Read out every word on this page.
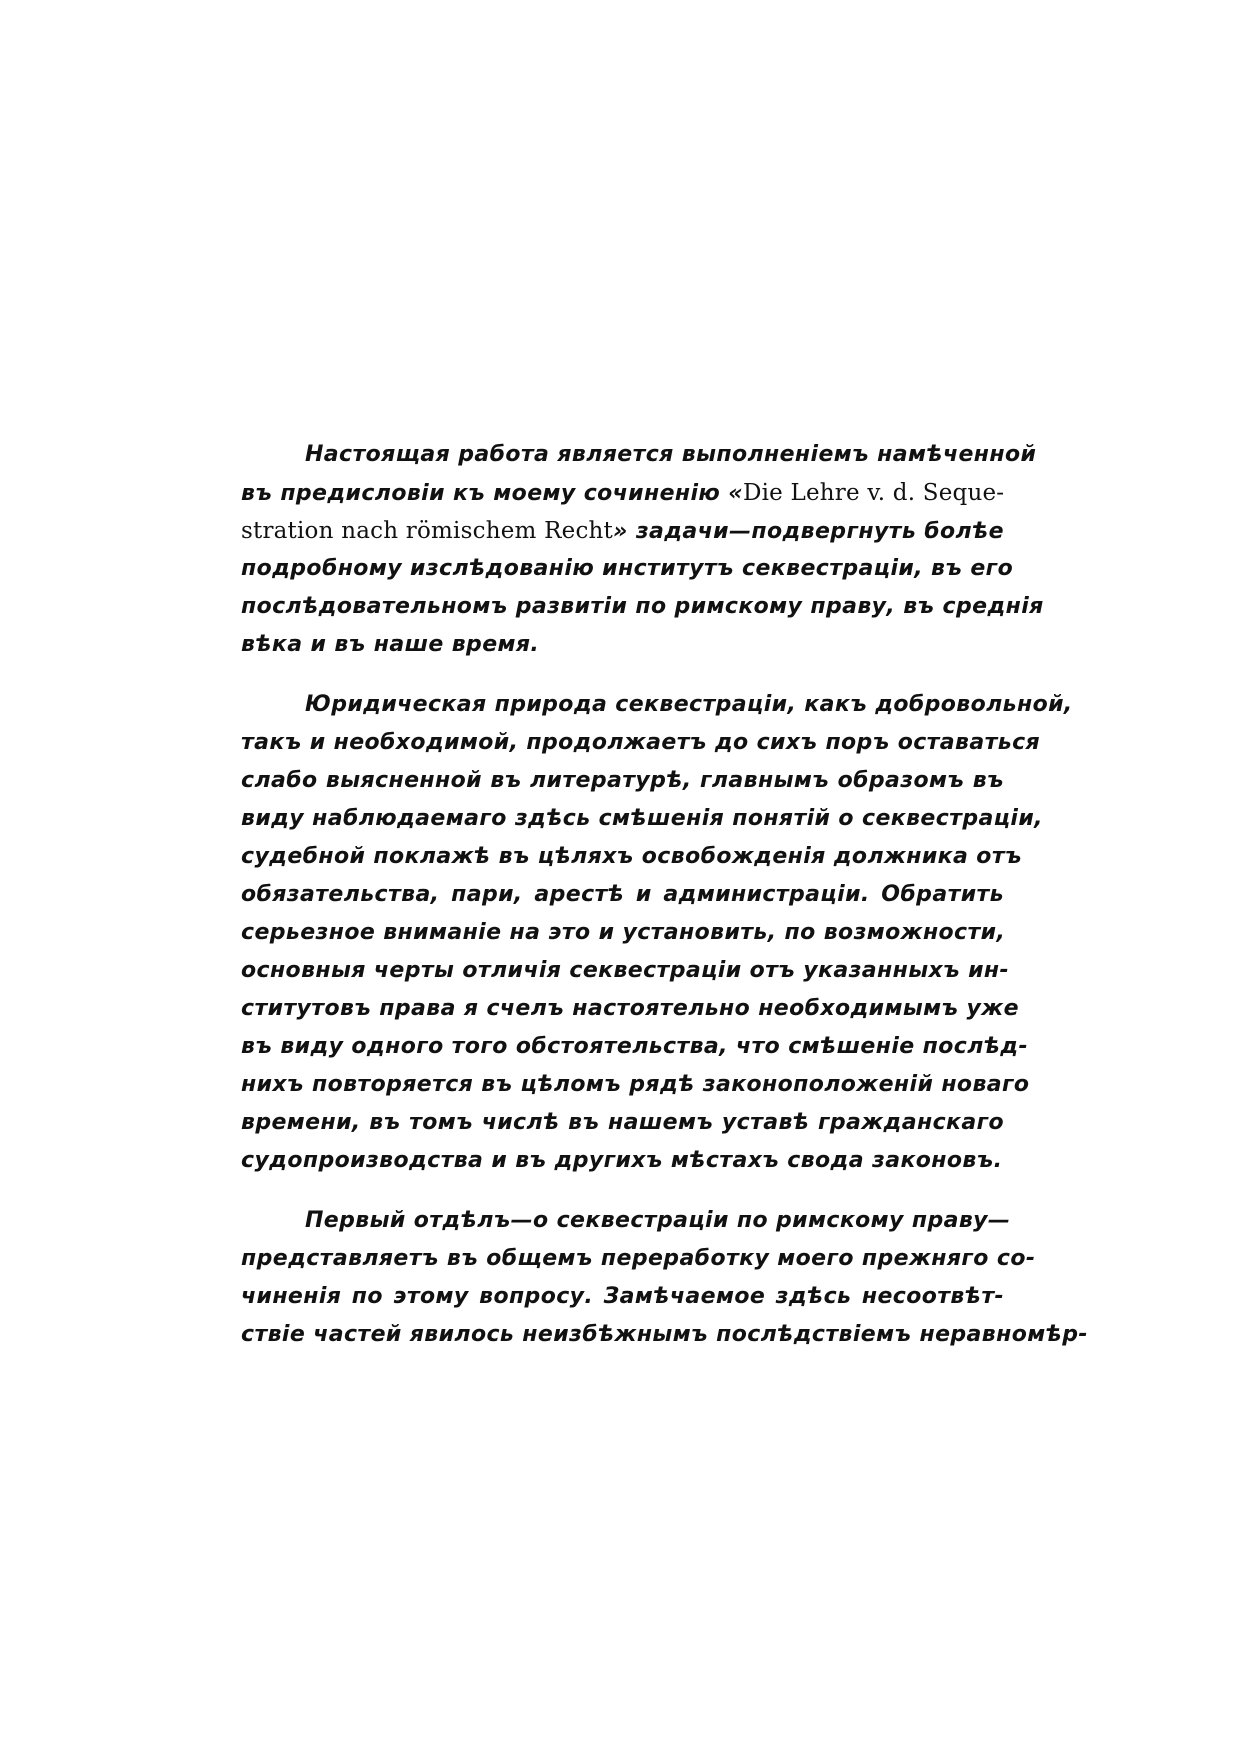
Настоящая работа является выполненіемъ намѣченной
въ предисловіи къ моему сочиненію «Die Lehre v. d. Seque-
stration nach römischem Recht» задачи—подвергнуть болѣе
подробному изслѣдованію институтъ секвестраціи, въ его
послѣдовательномъ развитіи по римскому праву, въ среднія
вѣка и въ наше время.
Юридическая природа секвестраціи, какъ добровольной,
такъ и необходимой, продолжаетъ до сихъ поръ оставаться
слабо выясненной въ литературѣ, главнымъ образомъ въ
виду наблюдаемаго здѣсь смѣшенія понятій о секвестраціи,
судебной поклажѣ въ цѣляхъ освобожденія должника отъ
обязательства, пари, арестѣ и администраціи. Обратить
серьезное вниманіе на это и установить, по возможности,
основныя черты отличія секвестраціи отъ указанныхъ ин-
ститутовъ права я счелъ настоятельно необходимымъ уже
въ виду одного того обстоятельства, что смѣшеніе послѣд-
нихъ повторяется въ цѣломъ рядѣ законоположеній новаго
времени, въ томъ числѣ въ нашемъ уставѣ гражданскаго
судопроизводства и въ другихъ мѣстахъ свода законовъ.
Первый отдѣлъ—о секвестраціи по римскому праву—
представляетъ въ общемъ переработку моего прежняго со-
чиненія по этому вопросу. Замѣчаемое здѣсь несоотвѣт-
ствіе частей явилось неизбѣжнымъ послѣдствіемъ неравномѣр-
